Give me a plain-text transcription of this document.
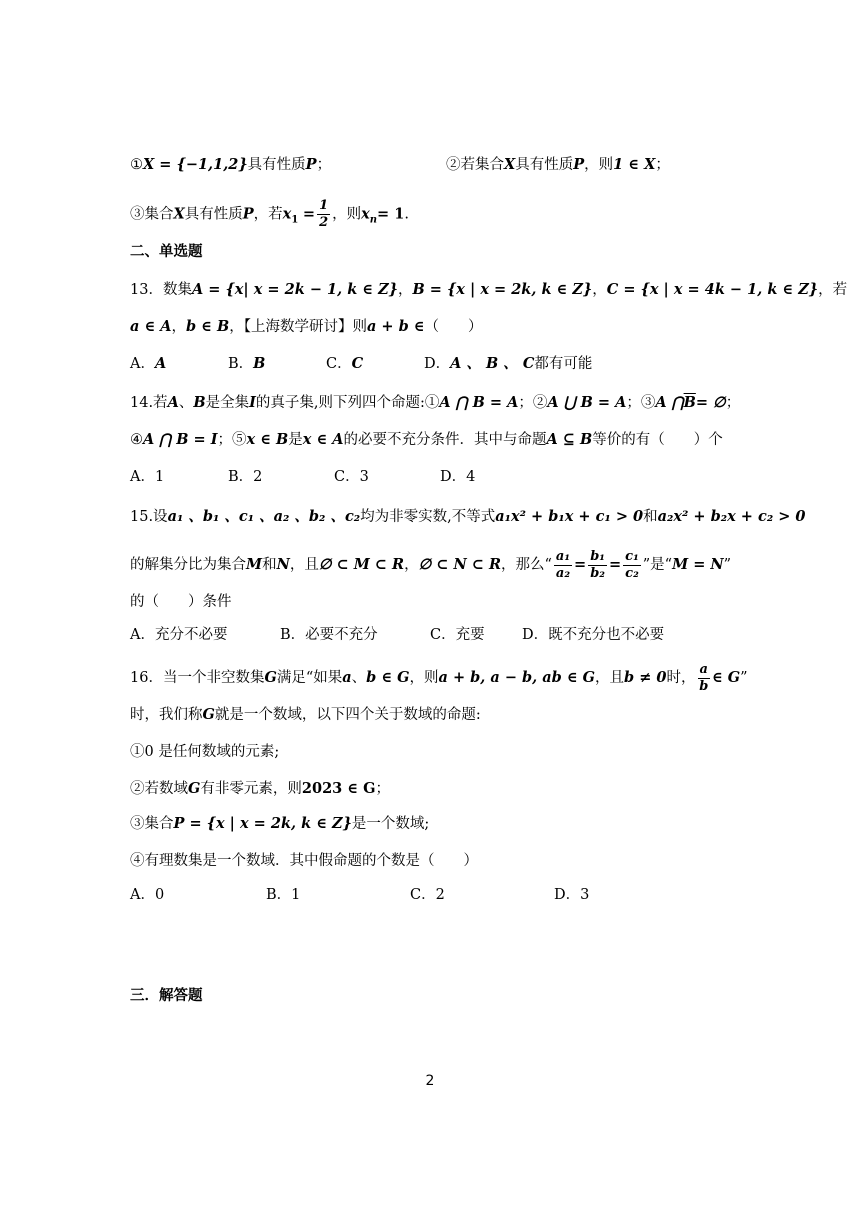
①X = {−1,1,2}具有性质P；	②若集合X具有性质P，则1 ∈ X；
③集合X具有性质P，若$x_1 = \frac{1}{2}$ ，则$x_n= 1$.
二、单选题
13．数集A = {x| x = 2k − 1, k ∈ Z}，B = {x | x = 2k, k ∈ Z}，C = {x | x = 4k − 1, k ∈ Z}，若
a ∈ A，b ∈ B，【上海数学研讨】则a + b ∈（　　）
A．A	B．B	C．C	D．A 、 B 、 C都有可能
14.若A、B是全集I的真子集,则下列四个命题:①A ⋂ B = A；②A ⋃ B = A；③A $⋂\overline{B}=$ ∅；
④A ⋂ B = I；⑤x ∈ B是x ∈ A的必要不充分条件．其中与命题A ⊆ B等价的有（　　）个
A．1	B．2	C．3	D．4
15.设a₁ 、b₁ 、c₁ 、a₂ 、b₂ 、c₂均为非零实数,不等式a₁x² + b₁x + c₁ > 0和a₂x² + b₂x + c₂ > 0
的解集分比为集合M和N，且∅ ⊂ M ⊂ R，∅ ⊂ N ⊂ R，那么“ $\frac{\text{a₁}}{\text{a₂}} = \frac{\text{b₁}}{\text{b₂}} = \frac{\text{c₁}}{\text{c₂}}$ ”是“M = N”
的（　　）条件
A．充分不必要	B．必要不充分	C．充要	D．既不充分也不必要
16．当一个非空数集G满足“如果a、b ∈ G，则a + b, a − b, ab ∈ G，且b ≠ 0时， $\frac{a}{b}$ ∈ G”
时，我们称G就是一个数域，以下四个关于数域的命题:
①0 是任何数域的元素;
②若数域G有非零元素，则2023 ∈ G；
③集合P = {x | x = 2k, k ∈ Z}是一个数域;
④有理数集是一个数域．其中假命题的个数是（　　）
A．0	B．1	C．2	D．3
三．解答题
2
